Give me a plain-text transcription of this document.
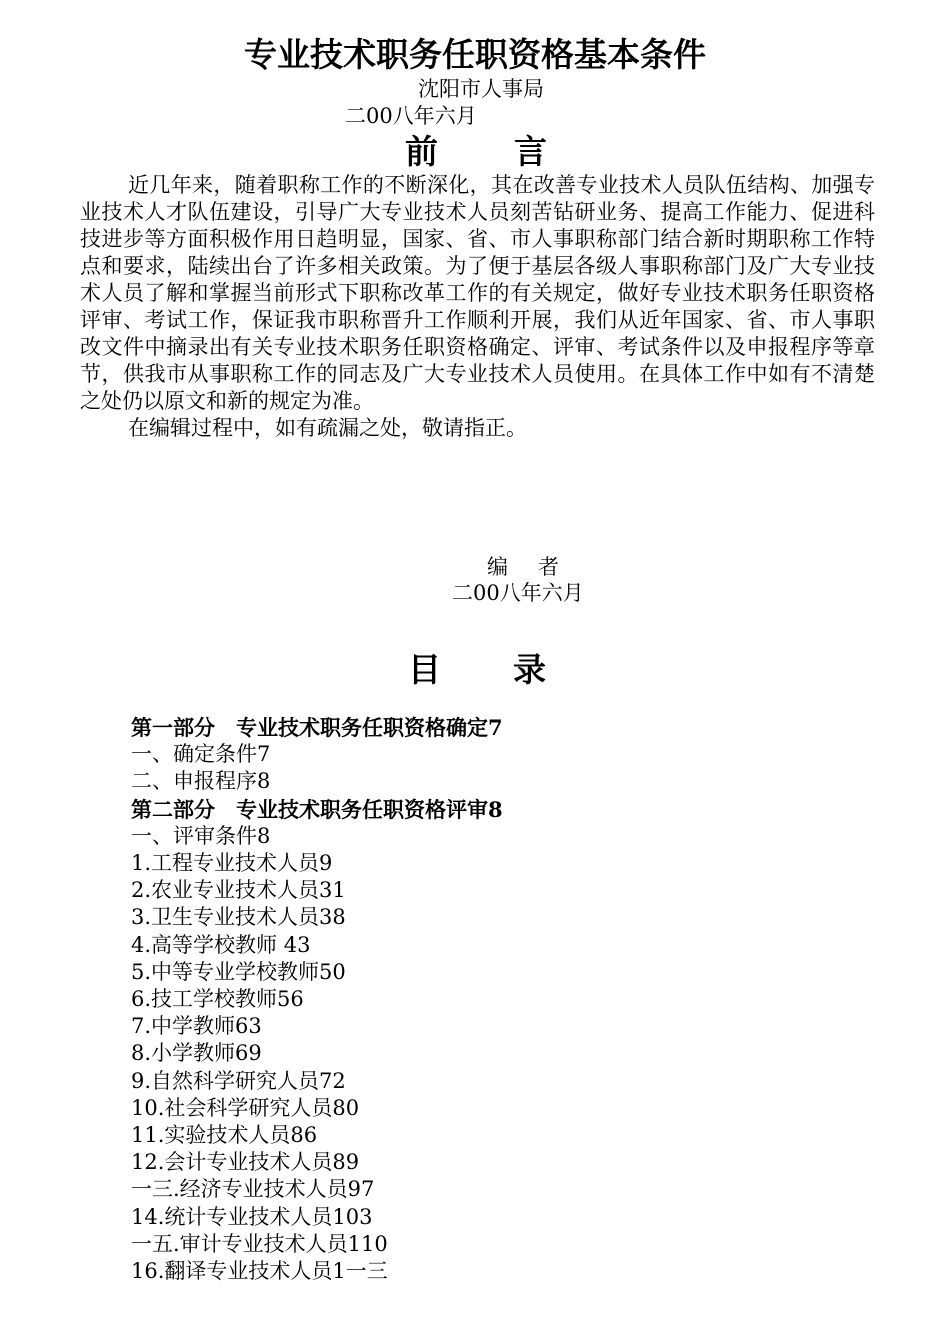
专业技术职务任职资格基本条件
沈阳市人事局
二00八年六月
前言

近几年来，随着职称工作的不断深化，其在改善专业技术人员队伍结构、加强专业技术人才队伍建设，引导广大专业技术人员刻苦钻研业务、提高工作能力、促进科技进步等方面积极作用日趋明显，国家、省、市人事职称部门结合新时期职称工作特点和要求，陆续出台了许多相关政策。为了便于基层各级人事职称部门及广大专业技术人员了解和掌握当前形式下职称改革工作的有关规定，做好专业技术职务任职资格评审、考试工作，保证我市职称晋升工作顺利开展，我们从近年国家、省、市人事职改文件中摘录出有关专业技术职务任职资格确定、评审、考试条件以及申报程序等章节，供我市从事职称工作的同志及广大专业技术人员使用。在具体工作中如有不清楚之处仍以原文和新的规定为准。

在编辑过程中，如有疏漏之处，敬请指正。

编者
二00八年六月
目录
第一部分　专业技术职务任职资格确定7
一、确定条件7
二、申报程序8
第二部分　专业技术职务任职资格评审8
一、评审条件8
1.工程专业技术人员9
2.农业专业技术人员31
3.卫生专业技术人员38
4.高等学校教师 43
5.中等专业学校教师50
6.技工学校教师56
7.中学教师63
8.小学教师69
9.自然科学研究人员72
10.社会科学研究人员80
11.实验技术人员86
12.会计专业技术人员89
一三.经济专业技术人员97
14.统计专业技术人员103
一五.审计专业技术人员110
16.翻译专业技术人员1一三
